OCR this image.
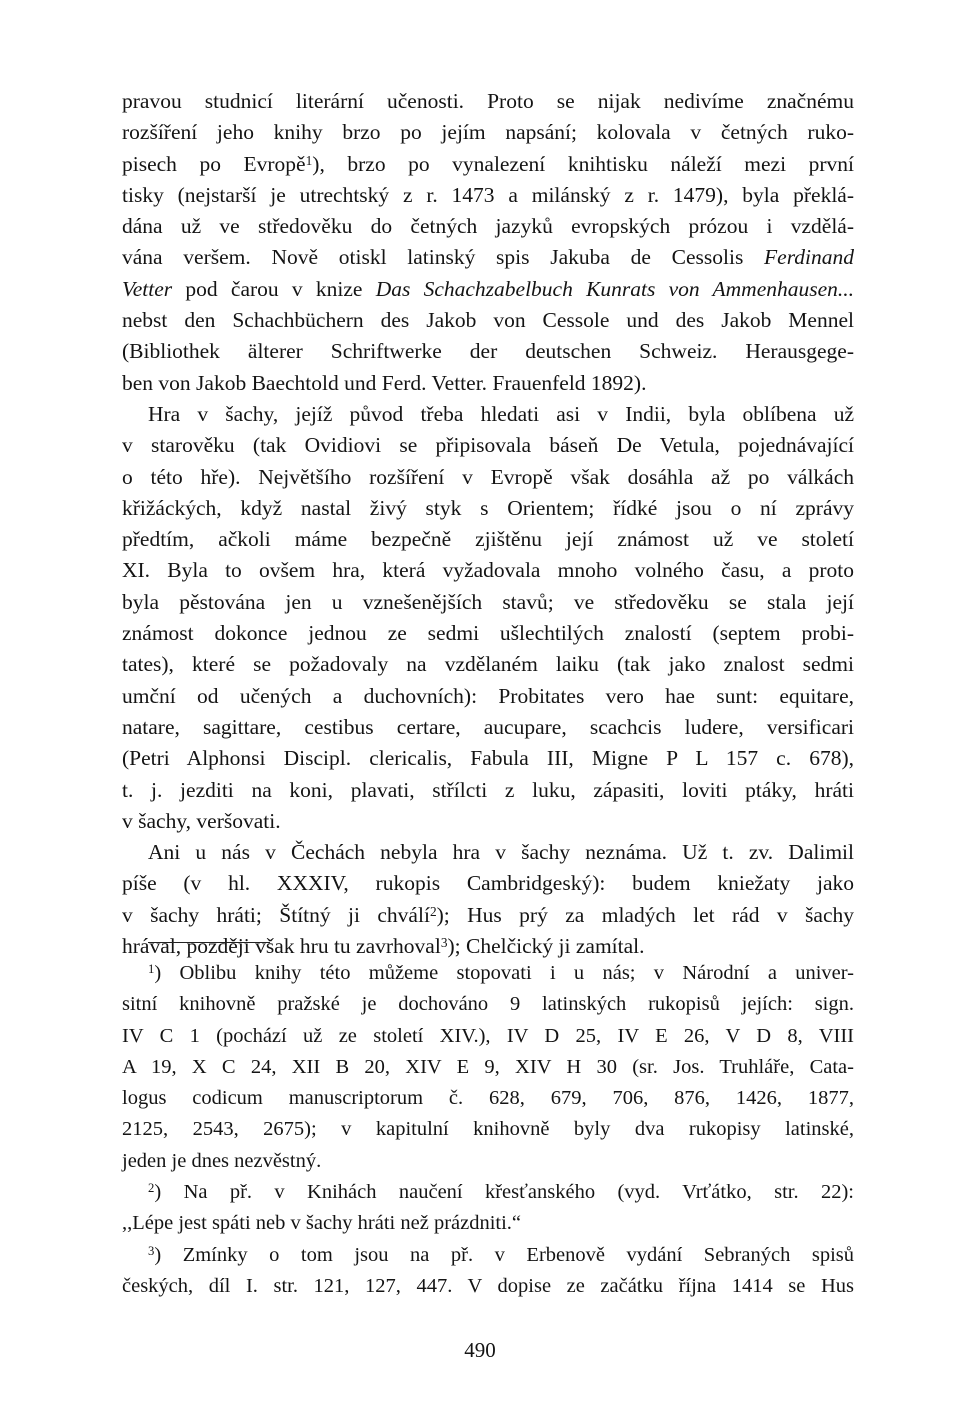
pravou studnicí literární učenosti. Proto se nijak nedivíme značnému
rozšíření jeho knihy brzo po jejím napsání; kolovala v četných ruko-
pisech po Evropě$^1$), brzo po vynalezení knihtisku náleží mezi první
tisky (nejstarší je utrechtský z r. 1473 a milánský z r. 1479), byla překlá-
dána už ve středověku do četných jazyků evropských prózou i vzdělá-
vána veršem. Nově otiskl latinský spis Jakuba de Cessolis Ferdinand
Vetter pod čarou v knize Das Schachzabelbuch Kunrats von Ammenhausen...
nebst den Schachbüchern des Jakob von Cessole und des Jakob Mennel
(Bibliothek älterer Schriftwerke der deutschen Schweiz. Herausgege-
ben von Jakob Baechtold und Ferd. Vetter. Frauenfeld 1892).
Hra v šachy, jejíž původ třeba hledati asi v Indii, byla oblíbena už
v starověku (tak Ovidiovi se připisovala báseň De Vetula, pojednávající
o této hře). Největšího rozšíření v Evropě však dosáhla až po válkách
křižáckých, když nastal živý styk s Orientem; řídké jsou o ní zprávy
předtím, ačkoli máme bezpečně zjištěnu její známost už ve století
XI. Byla to ovšem hra, která vyžadovala mnoho volného času, a proto
byla pěstována jen u vznešenějších stavů; ve středověku se stala její
známost dokonce jednou ze sedmi ušlechtilých znalostí (septem probi-
tates), které se požadovaly na vzdělaném laiku (tak jako znalost sedmi
umční od učených a duchovních): Probitates vero hae sunt: equitare,
natare, sagittare, cestibus certare, aucupare, scachcis ludere, versificari
(Petri Alphonsi Discipl. clericalis, Fabula III, Migne P L 157 c. 678),
t. j. jezditi na koni, plavati, střílcti z luku, zápasiti, loviti ptáky, hráti
v šachy, veršovati.
Ani u nás v Čechách nebyla hra v šachy neznáma. Už t. zv. Dalimil
píše (v hl. XXXIV, rukopis Cambridgeský): budem kniežaty jako
v šachy hráti; Štítný ji chválí$^2$); Hus prý za mladých let rád v šachy
hrával, později však hru tu zavrhoval$^3$); Chelčický ji zamítal.
$^1$) Oblibu knihy této můžeme stopovati i u nás; v Národní a univer-
sitní knihovně pražské je dochováno 9 latinských rukopisů jejích: sign.
IV C 1 (pochází už ze století XIV.), IV D 25, IV E 26, V D 8, VIII
A 19, X C 24, XII B 20, XIV E 9, XIV H 30 (sr. Jos. Truhláře, Cata-
logus codicum manuscriptorum č. 628, 679, 706, 876, 1426, 1877,
2125, 2543, 2675); v kapitulní knihovně byly dva rukopisy latinské,
jeden je dnes nezvěstný.
$^2$) Na př. v Knihách naučení křesťanského (vyd. Vrťátko, str. 22):
,,Lépe jest spáti neb v šachy hráti než prázdniti.“
$^3$) Zmínky o tom jsou na př. v Erbenově vydání Sebraných spisů
českých, díl I. str. 121, 127, 447. V dopise ze začátku října 1414 se Hus
490
